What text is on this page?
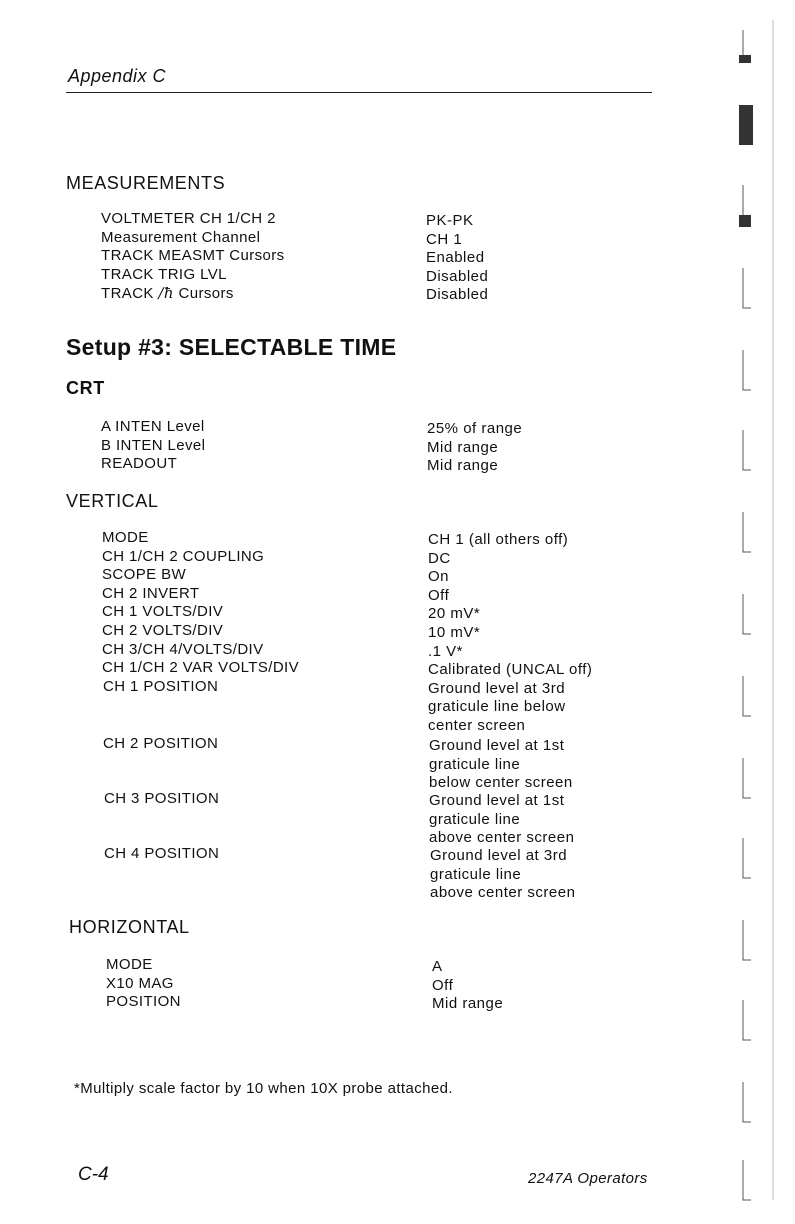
Appendix C
MEASUREMENTS
VOLTMETER CH 1/CH 2
Measurement Channel
TRACK MEASMT Cursors
TRACK TRIG LVL
TRACK ∕ħ Cursors
PK-PK
CH 1
Enabled
Disabled
Disabled
Setup #3: SELECTABLE TIME
CRT
A INTEN Level
B INTEN Level
READOUT
25% of range
Mid range
Mid range
VERTICAL
MODE
CH 1/CH 2 COUPLING
SCOPE BW
CH 2 INVERT
CH 1 VOLTS/DIV
CH 2 VOLTS/DIV
CH 3/CH 4/VOLTS/DIV
CH 1/CH 2 VAR VOLTS/DIV
CH 1 POSITION
CH 2 POSITION
CH 3 POSITION
CH 4 POSITION
CH 1 (all others off)
DC
On
Off
20 mV*
10 mV*
.1 V*
Calibrated (UNCAL off)
Ground level at 3rd
graticule line below
center screen
Ground level at 1st
graticule line
below center screen
Ground level at 1st
graticule line
above center screen
Ground level at 3rd
graticule line
above center screen
HORIZONTAL
MODE
X10 MAG
POSITION
A
Off
Mid range
*Multiply scale factor by 10 when 10X probe attached.
C-4	2247A Operators
